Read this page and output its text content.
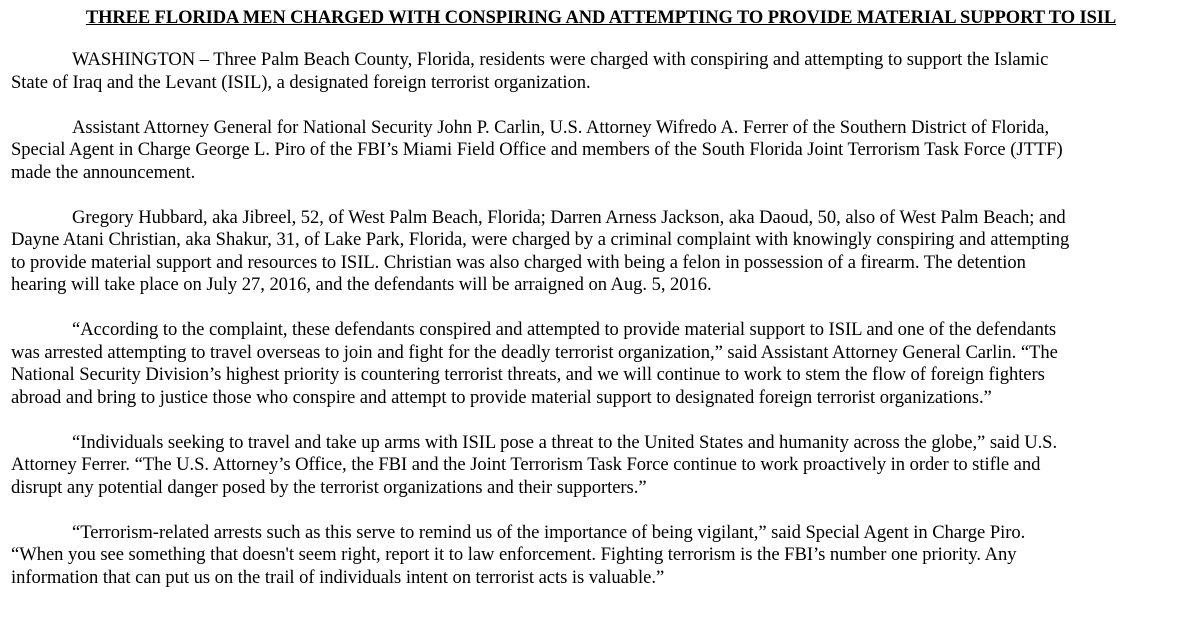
THREE FLORIDA MEN CHARGED WITH CONSPIRING AND ATTEMPTING TO PROVIDE MATERIAL SUPPORT TO ISIL

WASHINGTON – Three Palm Beach County, Florida, residents were charged with conspiring and attempting to support the Islamic
State of Iraq and the Levant (ISIL), a designated foreign terrorist organization.

Assistant Attorney General for National Security John P. Carlin, U.S. Attorney Wifredo A. Ferrer of the Southern District of Florida,
Special Agent in Charge George L. Piro of the FBI’s Miami Field Office and members of the South Florida Joint Terrorism Task Force (JTTF)
made the announcement.

Gregory Hubbard, aka Jibreel, 52, of West Palm Beach, Florida; Darren Arness Jackson, aka Daoud, 50, also of West Palm Beach; and
Dayne Atani Christian, aka Shakur, 31, of Lake Park, Florida, were charged by a criminal complaint with knowingly conspiring and attempting
to provide material support and resources to ISIL. Christian was also charged with being a felon in possession of a firearm. The detention
hearing will take place on July 27, 2016, and the defendants will be arraigned on Aug. 5, 2016.

“According to the complaint, these defendants conspired and attempted to provide material support to ISIL and one of the defendants
was arrested attempting to travel overseas to join and fight for the deadly terrorist organization,” said Assistant Attorney General Carlin. “The
National Security Division’s highest priority is countering terrorist threats, and we will continue to work to stem the flow of foreign fighters
abroad and bring to justice those who conspire and attempt to provide material support to designated foreign terrorist organizations.”

“Individuals seeking to travel and take up arms with ISIL pose a threat to the United States and humanity across the globe,” said U.S.
Attorney Ferrer. “The U.S. Attorney’s Office, the FBI and the Joint Terrorism Task Force continue to work proactively in order to stifle and
disrupt any potential danger posed by the terrorist organizations and their supporters.”

“Terrorism-related arrests such as this serve to remind us of the importance of being vigilant,” said Special Agent in Charge Piro.
“When you see something that doesn't seem right, report it to law enforcement. Fighting terrorism is the FBI’s number one priority. Any
information that can put us on the trail of individuals intent on terrorist acts is valuable.”
